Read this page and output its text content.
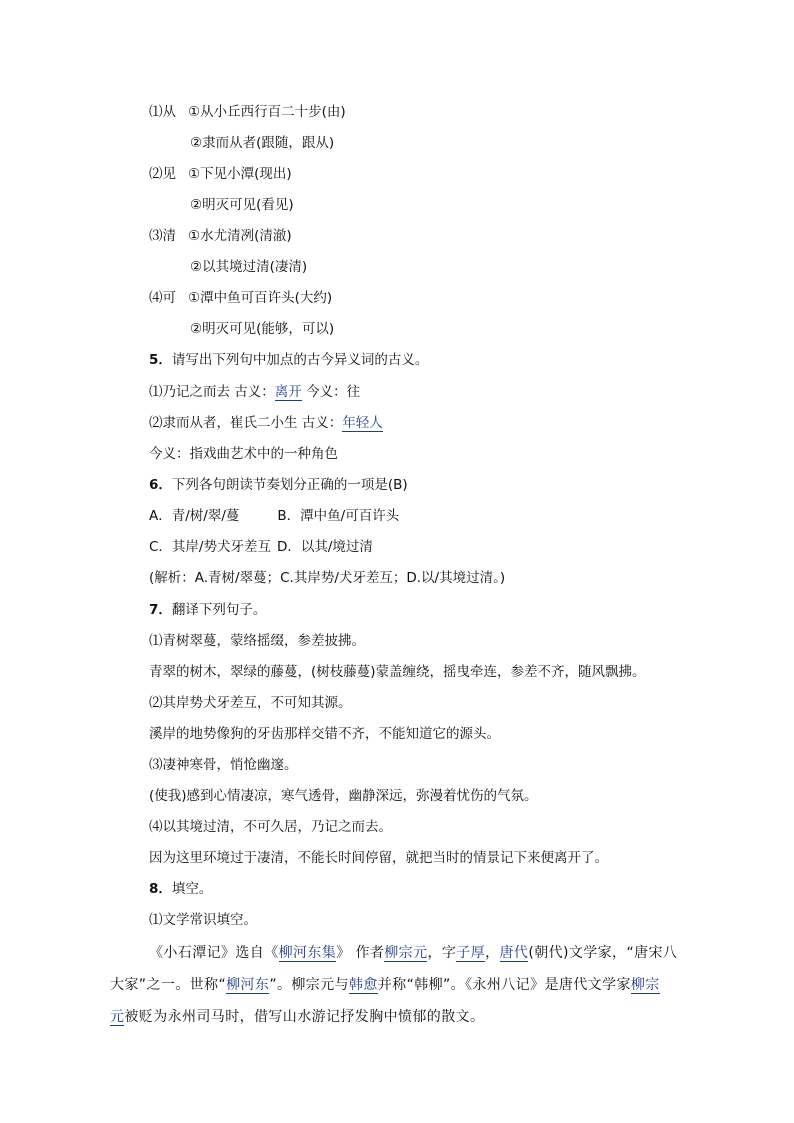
⑴从 ①从小丘西行百二十步(由)
②隶而从者(跟随，跟从)
⑵见 ①下见小潭(现出)
②明灭可见(看见)
⑶清 ①水尤清冽(清澈)
②以其境过清(凄清)
⑷可 ①潭中鱼可百许头(大约)
②明灭可见(能够，可以)
5．请写出下列句中加点的古今异义词的古义。
⑴乃记之而去 古义：离开 今义：往
⑵隶而从者，崔氏二小生 古义：年轻人
今义：指戏曲艺术中的一种角色
6．下列各句朗读节奏划分正确的一项是(B)
A．青/树/翠/蔓	B．潭中鱼/可百许头
C．其岸/势犬牙差互 D．以其/境过清
(解析：A.青树/翠蔓；C.其岸势/犬牙差互；D.以/其境过清。)
7．翻译下列句子。
⑴青树翠蔓，蒙络摇缀，参差披拂。
青翠的树木，翠绿的藤蔓，(树枝藤蔓)蒙盖缠绕，摇曳牵连，参差不齐，随风飘拂。
⑵其岸势犬牙差互，不可知其源。
溪岸的地势像狗的牙齿那样交错不齐，不能知道它的源头。
⑶凄神寒骨，悄怆幽邃。
(使我)感到心情凄凉，寒气透骨，幽静深远，弥漫着忧伤的气氛。
⑷以其境过清，不可久居，乃记之而去。
因为这里环境过于凄清，不能长时间停留，就把当时的情景记下来便离开了。
8．填空。
⑴文学常识填空。
《小石潭记》选自《柳河东集》 作者柳宗元，字子厚，唐代(朝代)文学家，“唐宋八
大家”之一。世称“柳河东”。柳宗元与韩愈并称“韩柳”。《永州八记》是唐代文学家柳宗
元被贬为永州司马时，借写山水游记抒发胸中愤郁的散文。
